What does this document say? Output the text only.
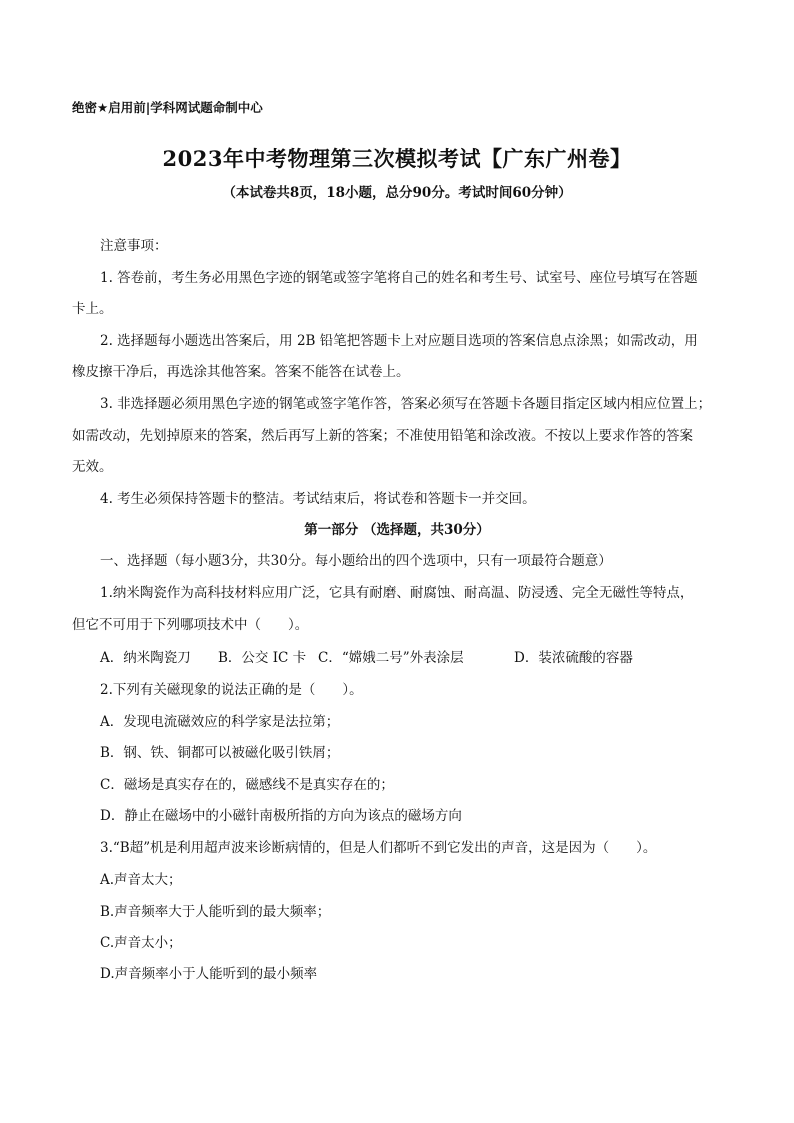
绝密★启用前|学科网试题命制中心
2023年中考物理第三次模拟考试【广东广州卷】
（本试卷共8页，18小题，总分90分。考试时间60分钟）
注意事项：
1. 答卷前，考生务必用黑色字迹的钢笔或签字笔将自己的姓名和考生号、试室号、座位号填写在答题
卡上。
2. 选择题每小题选出答案后，用 2B 铅笔把答题卡上对应题目选项的答案信息点涂黑；如需改动，用
橡皮擦干净后，再选涂其他答案。答案不能答在试卷上。
3. 非选择题必须用黑色字迹的钢笔或签字笔作答，答案必须写在答题卡各题目指定区域内相应位置上；
如需改动，先划掉原来的答案，然后再写上新的答案；不准使用铅笔和涂改液。不按以上要求作答的答案
无效。
4. 考生必须保持答题卡的整洁。考试结束后，将试卷和答题卡一并交回。
第一部分 （选择题，共30分）
一、选择题（每小题3分，共30分。每小题给出的四个选项中，只有一项最符合题意）
1.纳米陶瓷作为高科技材料应用广泛，它具有耐磨、耐腐蚀、耐高温、防浸透、完全无磁性等特点，
但它不可用于下列哪项技术中（　　）。
A．纳米陶瓷刀 B．公交 IC 卡 C．“嫦娥二号”外表涂层	D．装浓硫酸的容器
2.下列有关磁现象的说法正确的是（　　）。
A．发现电流磁效应的科学家是法拉第；
B．钢、铁、铜都可以被磁化吸引铁屑；
C．磁场是真实存在的，磁感线不是真实存在的；
D．静止在磁场中的小磁针南极所指的方向为该点的磁场方向
3.“B超”机是利用超声波来诊断病情的，但是人们都听不到它发出的声音，这是因为（　　）。
A.声音太大；
B.声音频率大于人能听到的最大频率；
C.声音太小；
D.声音频率小于人能听到的最小频率
